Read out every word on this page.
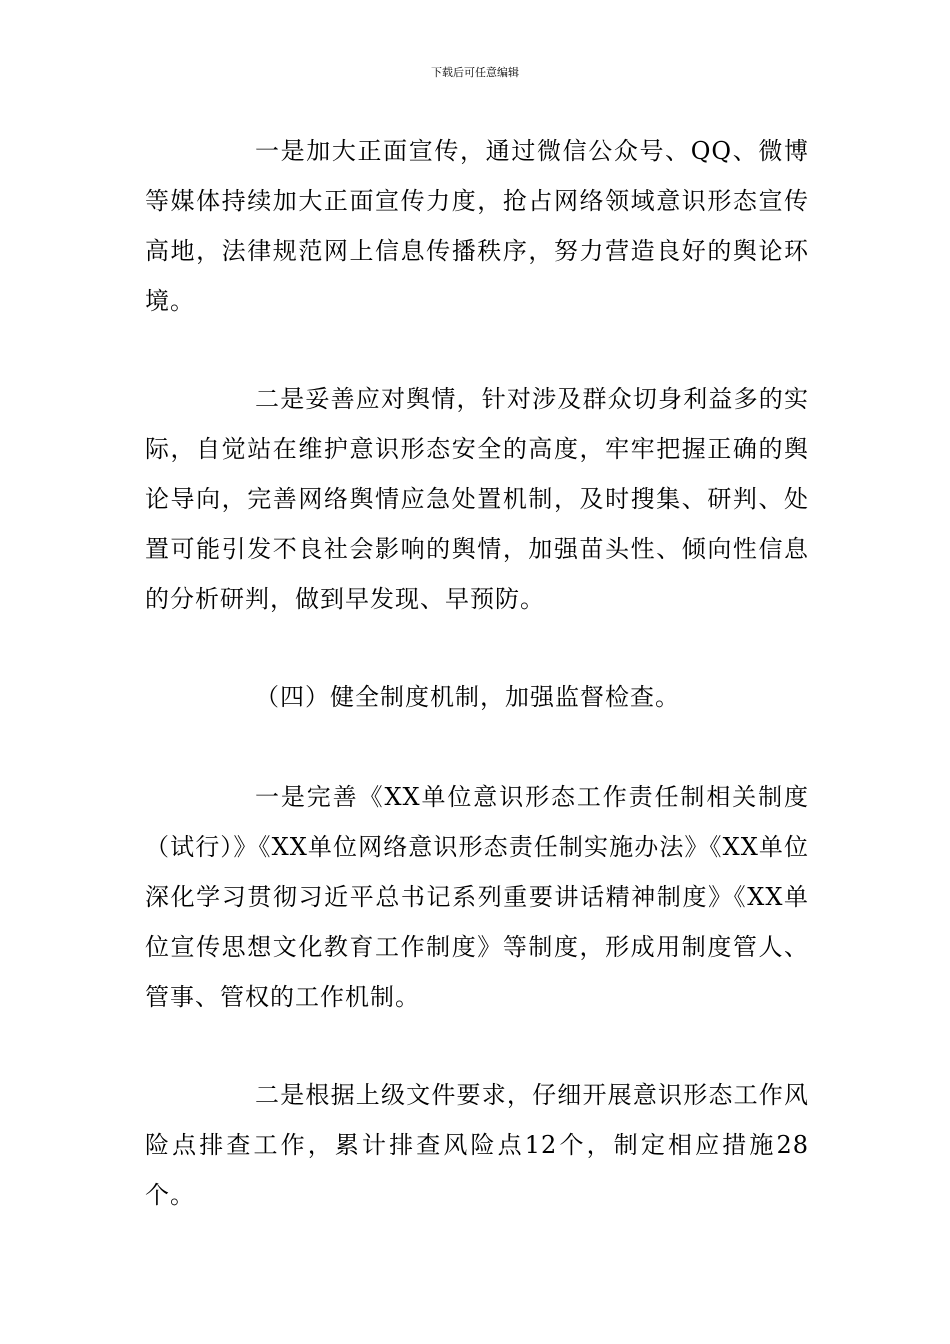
下载后可任意编辑

一是加大正面宣传，通过微信公众号、QQ、微博等媒体持续加大正面宣传力度，抢占网络领域意识形态宣传高地，法律规范网上信息传播秩序，努力营造良好的舆论环境。

二是妥善应对舆情，针对涉及群众切身利益多的实际，自觉站在维护意识形态安全的高度，牢牢把握正确的舆论导向，完善网络舆情应急处置机制，及时搜集、研判、处置可能引发不良社会影响的舆情，加强苗头性、倾向性信息的分析研判，做到早发现、早预防。

（四）健全制度机制，加强监督检查。

一是完善《XX单位意识形态工作责任制相关制度（试行）》《XX单位网络意识形态责任制实施办法》《XX单位深化学习贯彻习近平总书记系列重要讲话精神制度》《XX单位宣传思想文化教育工作制度》等制度，形成用制度管人、管事、管权的工作机制。

二是根据上级文件要求，仔细开展意识形态工作风险点排查工作，累计排查风险点12个，制定相应措施28个。
